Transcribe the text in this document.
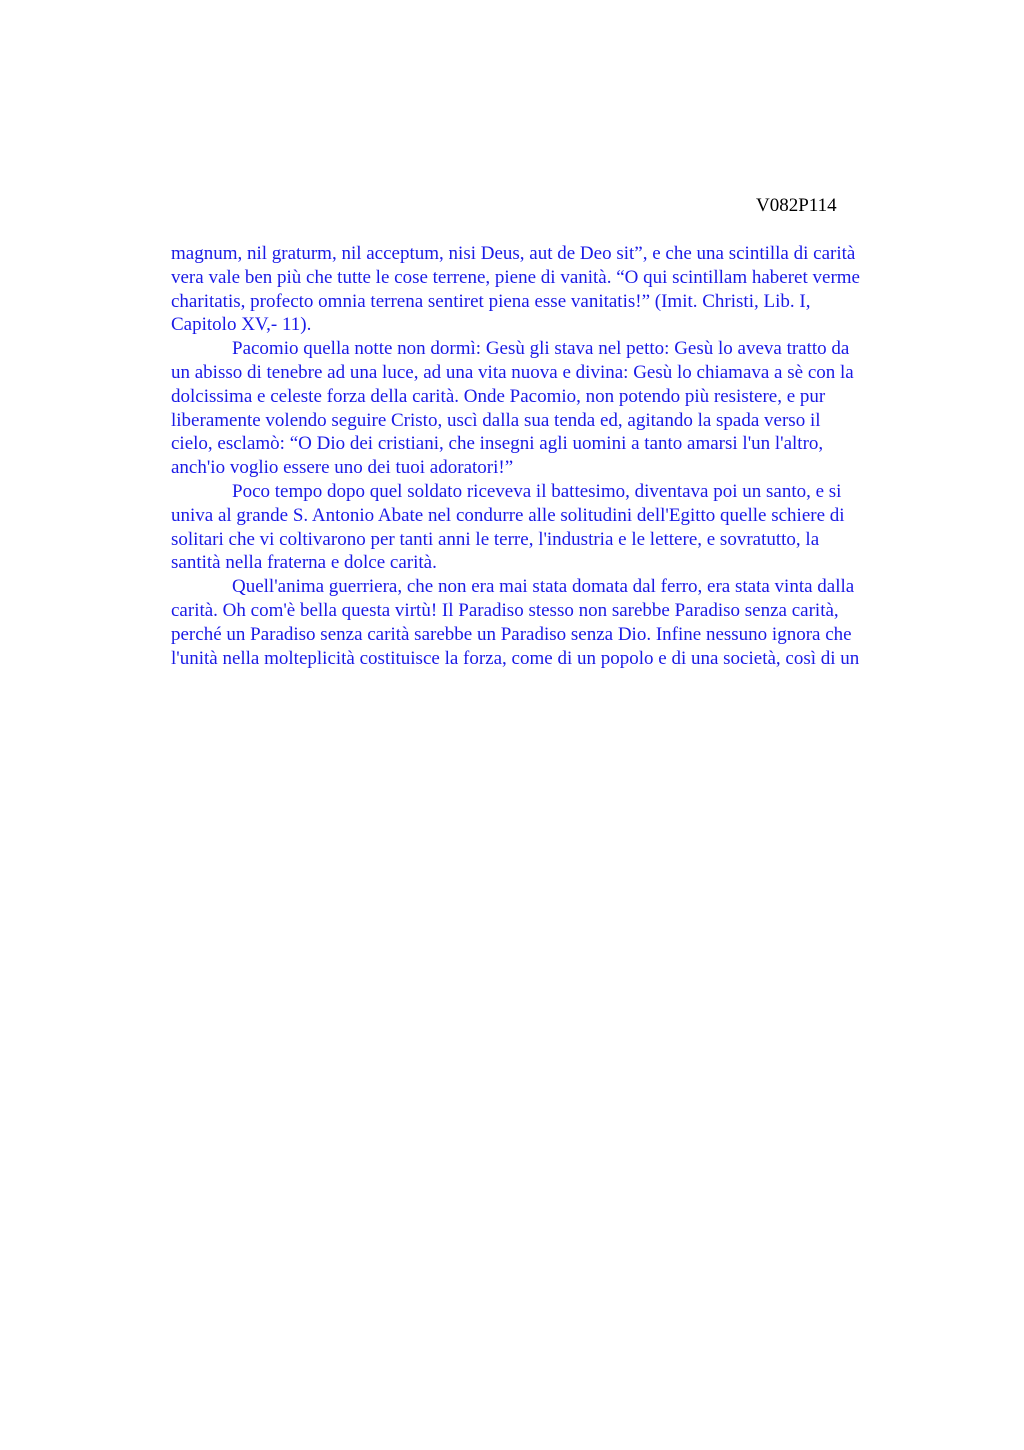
V082P114
magnum, nil graturm, nil acceptum, nisi Deus, aut de Deo sit”, e che una scintilla di carità
vera vale ben più che tutte le cose terrene, piene di vanità. “O qui scintillam haberet verme
charitatis, profecto omnia terrena sentiret piena esse vanitatis!” (Imit. Christi, Lib. I,
Capitolo XV,- 11).
Pacomio quella notte non dormì: Gesù gli stava nel petto: Gesù lo aveva tratto da
un abisso di tenebre ad una luce, ad una vita nuova e divina: Gesù lo chiamava a sè con la
dolcissima e celeste forza della carità. Onde Pacomio, non potendo più resistere, e pur
liberamente volendo seguire Cristo, uscì dalla sua tenda ed, agitando la spada verso il
cielo, esclamò: “O Dio dei cristiani, che insegni agli uomini a tanto amarsi l'un l'altro,
anch'io voglio essere uno dei tuoi adoratori!”
Poco tempo dopo quel soldato riceveva il battesimo, diventava poi un santo, e si
univa al grande S. Antonio Abate nel condurre alle solitudini dell'Egitto quelle schiere di
solitari che vi coltivarono per tanti anni le terre, l'industria e le lettere, e sovratutto, la
santità nella fraterna e dolce carità.
Quell'anima guerriera, che non era mai stata domata dal ferro, era stata vinta dalla
carità. Oh com'è bella questa virtù! Il Paradiso stesso non sarebbe Paradiso senza carità,
perché un Paradiso senza carità sarebbe un Paradiso senza Dio. Infine nessuno ignora che
l'unità nella molteplicità costituisce la forza, come di un popolo e di una società, così di un
